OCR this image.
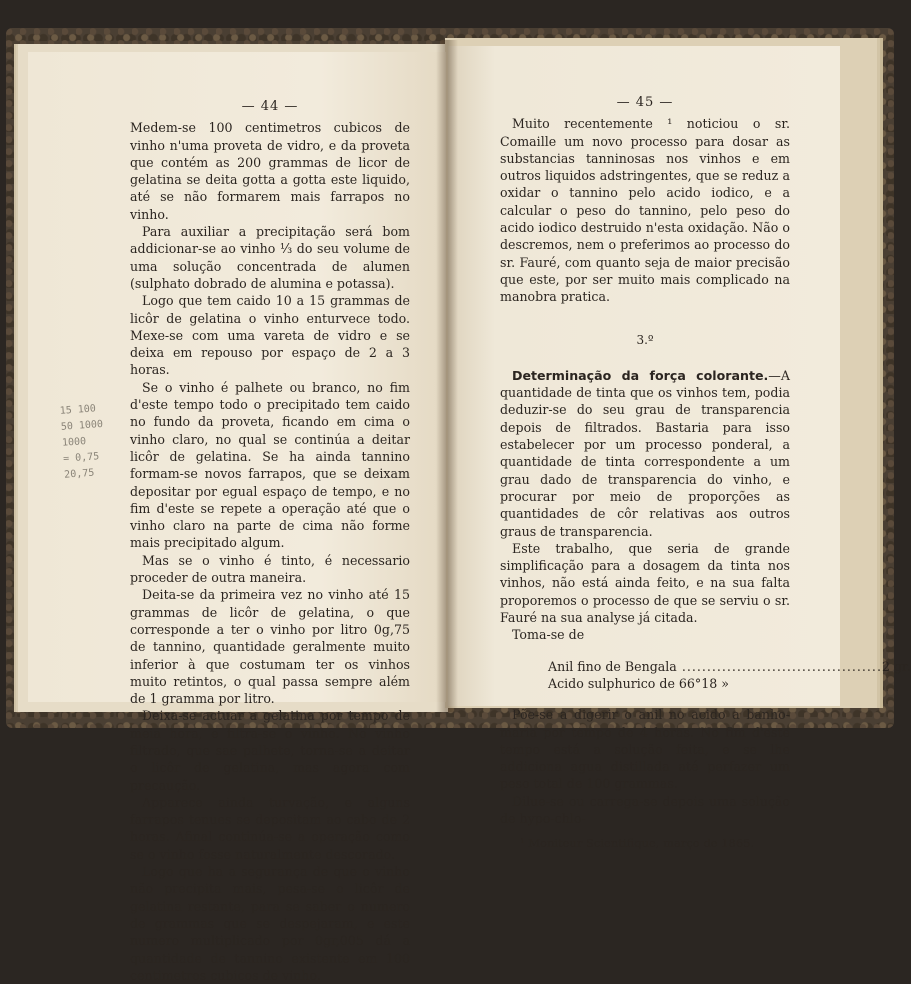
— 44 —

Medem-se 100 centimetros cubicos de vinho n'uma proveta de vidro, e da proveta que contém as 200 grammas de licor de gelatina se deita gotta a gotta este liquido, até se não formarem mais farrapos no vinho.

Para auxiliar a precipitação será bom addicionar-se ao vinho ⅓ do seu volume de uma solução concentrada de alumen (sulphato dobrado de alumina e potassa).

Logo que tem caido 10 a 15 grammas de licôr de gelatina o vinho enturvece todo. Mexe-se com uma vareta de vidro e se deixa em repouso por espaço de 2 a 3 horas.

Se o vinho é palhete ou branco, no fim d'este tempo todo o precipitado tem caido no fundo da proveta, ficando em cima o vinho claro, no qual se continúa a deitar licôr de gelatina. Se ha ainda tannino formam-se novos farrapos, que se deixam depositar por egual espaço de tempo, e no fim d'este se repete a operação até que o vinho claro na parte de cima não forme mais precipitado algum.

Mas se o vinho é tinto, é necessario proceder de outra maneira.

Deita-se da primeira vez no vinho até 15 grammas de licôr de gelatina, o que corresponde a ter o vinho por litro 0g,75 de tannino, quantidade geralmente muito inferior à que costumam ter os vinhos muito retintos, o qual passa sempre além de 1 gramma por litro.

Deixa-se actuar a gelatina por tempo de meia hora, e filtra-se o vinho. No vinho filtrado, que sae palhete, torna-se a deitar o licôr de gelatina, mas agora com precaução.

Apparece ainda turvação, e alguns farrapos tenues se depositam ao cabo de 2 horas. Afinal continúa-se a operação como se o vinho fosse naturalmente descorado.

Logo que ha a segurança de que o vinho não precipita mais, pesa-se o licôr de gelatina restante, para se saber o numero de grammas que se despejaram, e este numero multiplicado por 0gr,005 dá a quantidade de tannino existente em 100 centimetros cubicos de vinho.

15 100
50 1000
1000
= 0,75
20,75

— 45 —

Muito recentemente ¹ noticiou o sr. Comaille um novo processo para dosar as substancias tanninosas nos vinhos e em outros liquidos adstringentes, que se reduz a oxidar o tannino pelo acido iodico, e a calcular o peso do tannino, pelo peso do acido iodico destruido n'esta oxidação. Não o descremos, nem o preferimos ao processo do sr. Fauré, com quanto seja de maior precisão que este, por ser muito mais complicado na manobra pratica.

3.º

Determinação da força colorante.—A quantidade de tinta que os vinhos tem, podia deduzir-se do seu grau de transparencia depois de filtrados. Bastaria para isso estabelecer por um processo ponderal, a quantidade de tinta correspondente a um grau dado de transparencia do vinho, e procurar por meio de proporções as quantidades de côr relativas aos outros graus de transparencia.

Este trabalho, que seria de grande simplificação para a dosagem da tinta nos vinhos, não está ainda feito, e na sua falta proporemos o processo de que se serviu o sr. Fauré na sua analyse já citada.

Toma-se de

Anil fino de Bengala ........................................ 2 gr.
Acido sulphurico de 66° 18 »

Põe-se a digerir o anil no acido a banho-maria por tempo de 4 horas. No fim d'este tempo está a solução feita, e se lhe addiciona agua distillada até perfazer um peso total de 100 grammas.

Dilue-se ou carrega-se depois uma solução de hypo-chlo-

¹ Moniteur Scientifique, março de 1865.
